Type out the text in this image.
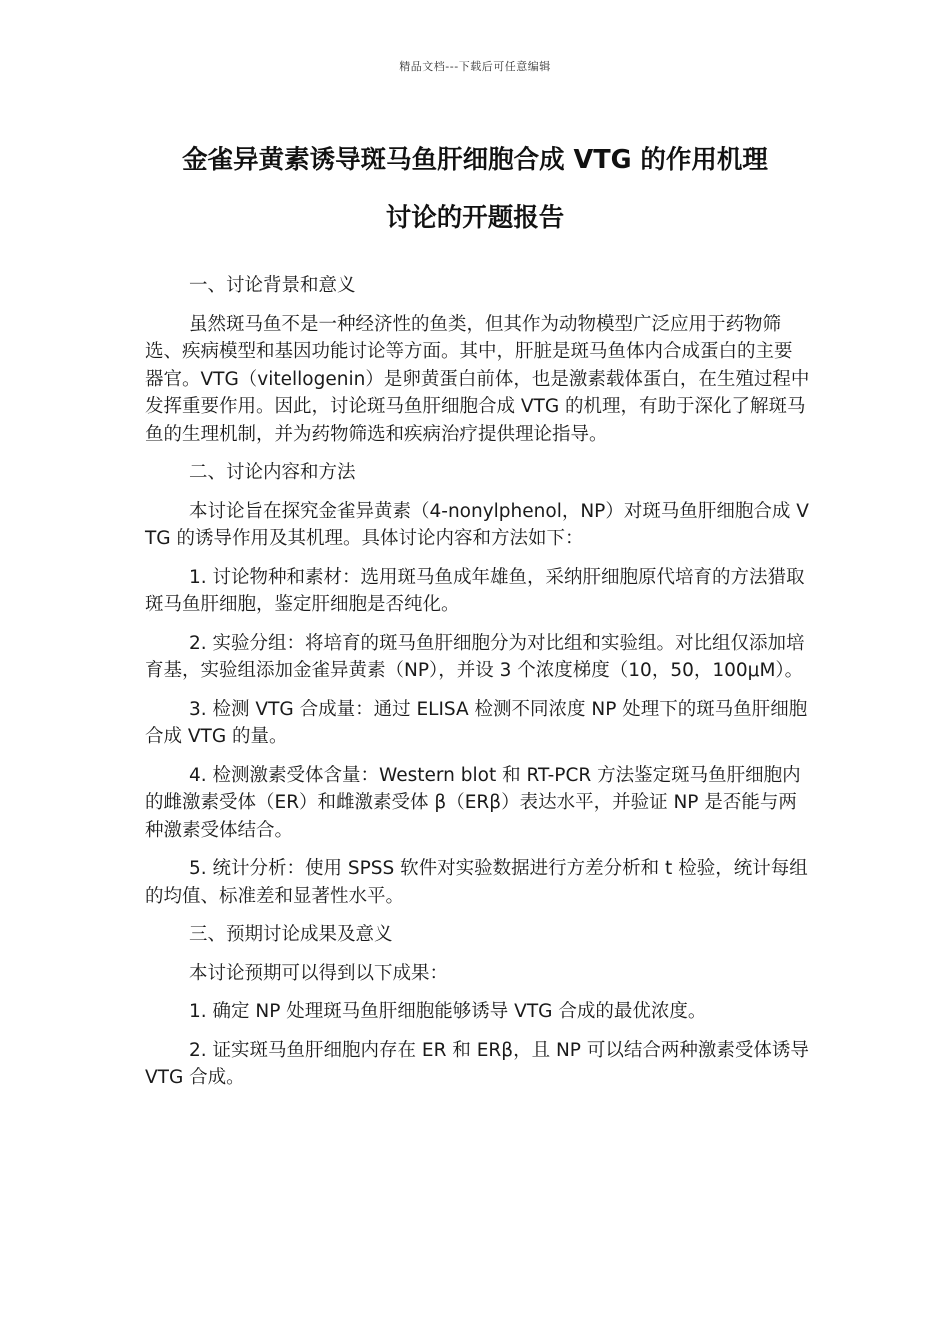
精品文档---下载后可任意编辑
金雀异黄素诱导斑马鱼肝细胞合成 VTG 的作用机理
讨论的开题报告

一、讨论背景和意义

虽然斑马鱼不是一种经济性的鱼类，但其作为动物模型广泛应用于药物筛选、疾病模型和基因功能讨论等方面。其中，肝脏是斑马鱼体内合成蛋白的主要器官。VTG（vitellogenin）是卵黄蛋白前体，也是激素载体蛋白，在生殖过程中发挥重要作用。因此，讨论斑马鱼肝细胞合成 VTG 的机理，有助于深化了解斑马鱼的生理机制，并为药物筛选和疾病治疗提供理论指导。

二、讨论内容和方法

本讨论旨在探究金雀异黄素（4-nonylphenol，NP）对斑马鱼肝细胞合成 VTG 的诱导作用及其机理。具体讨论内容和方法如下：

1. 讨论物种和素材：选用斑马鱼成年雄鱼，采纳肝细胞原代培育的方法猎取斑马鱼肝细胞，鉴定肝细胞是否纯化。

2. 实验分组：将培育的斑马鱼肝细胞分为对比组和实验组。对比组仅添加培育基，实验组添加金雀异黄素（NP），并设 3 个浓度梯度（10，50，100μM）。

3. 检测 VTG 合成量：通过 ELISA 检测不同浓度 NP 处理下的斑马鱼肝细胞合成 VTG 的量。

4. 检测激素受体含量：Western blot 和 RT-PCR 方法鉴定斑马鱼肝细胞内的雌激素受体（ER）和雌激素受体 β（ERβ）表达水平，并验证 NP 是否能与两种激素受体结合。

5. 统计分析：使用 SPSS 软件对实验数据进行方差分析和 t 检验，统计每组的均值、标准差和显著性水平。

三、预期讨论成果及意义

本讨论预期可以得到以下成果：

1. 确定 NP 处理斑马鱼肝细胞能够诱导 VTG 合成的最优浓度。

2. 证实斑马鱼肝细胞内存在 ER 和 ERβ，且 NP 可以结合两种激素受体诱导 VTG 合成。
